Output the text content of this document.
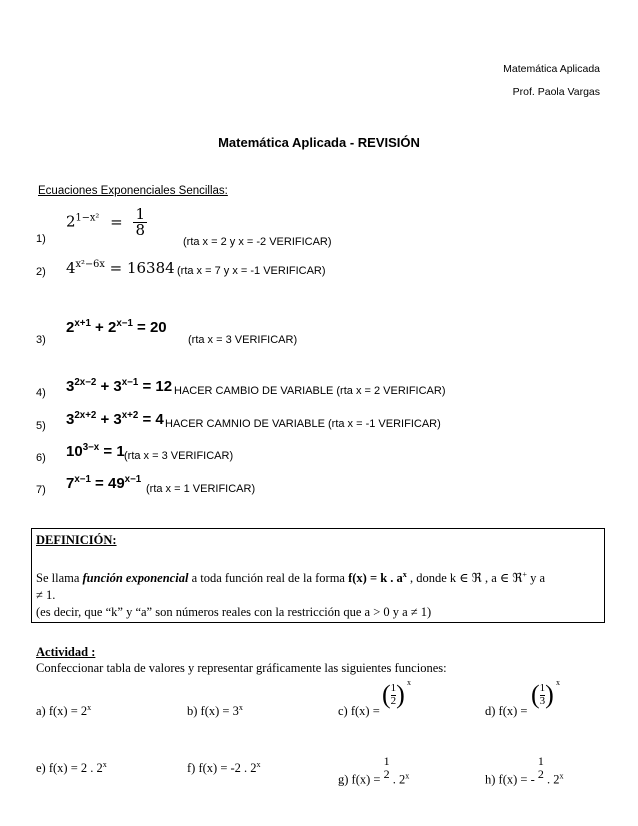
Matemática Aplicada
Prof. Paola Vargas
Matemática Aplicada - REVISIÓN
Ecuaciones Exponenciales Sencillas:
1)
$2^{1-x^2} = \frac{1}{8}$
(rta x = 2 y x = -2 VERIFICAR)
2) $4^{x^2-6x} = 16384$ (rta x = 7 y x = -1 VERIFICAR)
3)
$2^{x+1} + 2^{x-1} = 20$
(rta x = 3 VERIFICAR)
4) $3^{2x-2} + 3^{x-1} = 12$ HACER CAMBIO DE VARIABLE (rta x = 2 VERIFICAR)
5) $3^{2x+2} + 3^{x+2} = 4$ HACER CAMNIO DE VARIABLE (rta x = -1 VERIFICAR)
6) $10^{3-x} = 1$ (rta x = 3 VERIFICAR)
7) $7^{x-1} = 49^{x-1}$
(rta x = 1 VERIFICAR)
DEFINICIÓN:
Se llama función exponencial a toda función real de la forma f(x) = k . $a^x$ , donde k ∈ ℜ , a ∈ ℜ+ y a
≠ 1.
(es decir, que “k” y “a” son números reales con la restricción que a > 0 y a ≠ 1)
Actividad :
Confeccionar tabla de valores y representar gráficamente las siguientes funciones:
a) $f(x) = 2^x$	b) $f(x) = 3^x$	c) f(x) =
($\frac{1}{2}$ ) x
d) f(x) =
($\frac{1}{3}$ ) x
e) f(x) = 2 . 2$^x$	f) f(x) = -2 . 2$^x$
g) f(x) = 1
2 . 2$^x$	h) f(x) = - 1
2 . 2$^x$
